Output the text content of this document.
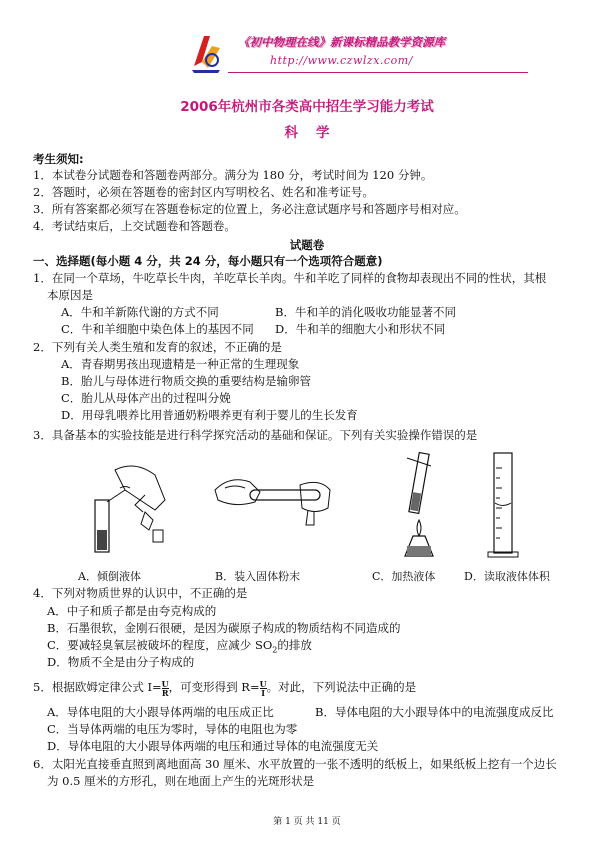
《初中物理在线》新课标精品教学资源库
http://www.czwlzx.com/
2006年杭州市各类高中招生学习能力考试
科学
考生须知:
1．本试卷分试题卷和答题卷两部分。满分为 180 分，考试时间为 120 分钟。
2．答题时，必须在答题卷的密封区内写明校名、姓名和准考证号。
3．所有答案都必须写在答题卷标定的位置上，务必注意试题序号和答题序号相对应。
4．考试结束后，上交试题卷和答题卷。
试题卷
一、选择题(每小题 4 分，共 24 分，每小题只有一个选项符合题意)
1．在同一个草场，牛吃草长牛肉，羊吃草长羊肉。牛和羊吃了同样的食物却表现出不同的性状，其根
本原因是
A．牛和羊新陈代谢的方式不同	B．牛和羊的消化吸收功能显著不同
C．牛和羊细胞中染色体上的基因不同 D．牛和羊的细胞大小和形状不同
2．下列有关人类生殖和发育的叙述，不正确的是
A．青春期男孩出现遗精是一种正常的生理现象
B．胎儿与母体进行物质交换的重要结构是输卵管
C．胎儿从母体产出的过程叫分娩
D．用母乳喂养比用普通奶粉喂养更有利于婴儿的生长发育
3．具备基本的实验技能是进行科学探究活动的基础和保证。下列有关实验操作错误的是
A．倾倒液体	B．装入固体粉末	C．加热液体	D．读取液体体积
4．下列对物质世界的认识中，不正确的是
A．中子和质子都是由夸克构成的
B．石墨很软，金刚石很硬，是因为碳原子构成的物质结构不同造成的
C．要减轻臭氧层被破坏的程度，应减少 $SO_2$的排放
D．物质不全是由分子构成的
5．根据欧姆定律公式 $I= \frac{U}{R}$ ，可变形得到 $R= \frac{U}{I}$ 。对此，下列说法中正确的是
A．导体电阻的大小跟导体两端的电压成正比	B．导体电阻的大小跟导体中的电流强度成反比
C．当导体两端的电压为零时，导体的电阻也为零
D．导体电阻的大小跟导体两端的电压和通过导体的电流强度无关
6．太阳光直接垂直照到离地面高 30 厘米、水平放置的一张不透明的纸板上，如果纸板上挖有一个边长
为 0.5 厘米的方形孔，则在地面上产生的光斑形状是
第 1 页 共 11 页
